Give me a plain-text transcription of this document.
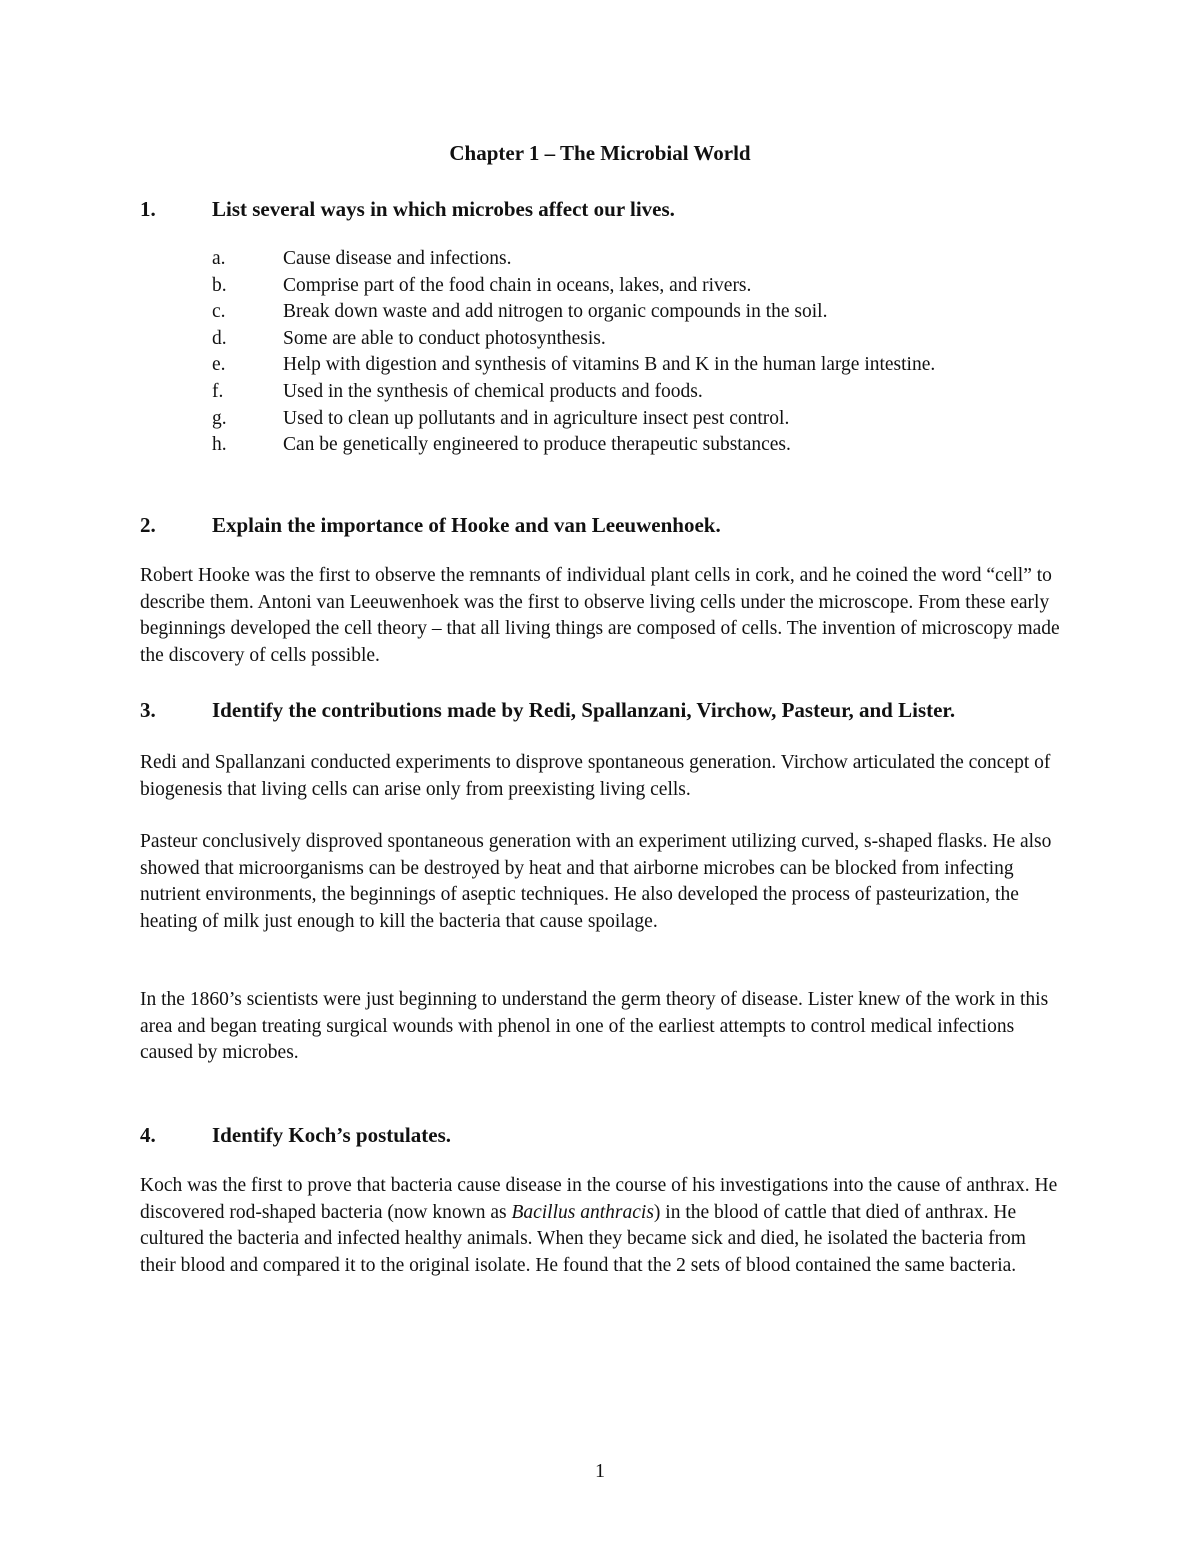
Chapter 1 – The Microbial World
1.	List several ways in which microbes affect our lives.
a.	Cause disease and infections.
b.	Comprise part of the food chain in oceans, lakes, and rivers.
c.	Break down waste and add nitrogen to organic compounds in the soil.
d.	Some are able to conduct photosynthesis.
e.	Help with digestion and synthesis of vitamins B and K in the human large intestine.
f.	Used in the synthesis of chemical products and foods.
g.	Used to clean up pollutants and in agriculture insect pest control.
h.	Can be genetically engineered to produce therapeutic substances.
2.	Explain the importance of Hooke and van Leeuwenhoek.

Robert Hooke was the first to observe the remnants of individual plant cells in cork, and he coined the word “cell” to describe them. Antoni van Leeuwenhoek was the first to observe living cells under the microscope. From these early beginnings developed the cell theory – that all living things are composed of cells. The invention of microscopy made the discovery of cells possible.

3.	Identify the contributions made by Redi, Spallanzani, Virchow, Pasteur, and Lister.

Redi and Spallanzani conducted experiments to disprove spontaneous generation. Virchow articulated the concept of biogenesis that living cells can arise only from preexisting living cells.

Pasteur conclusively disproved spontaneous generation with an experiment utilizing curved, s-shaped flasks. He also showed that microorganisms can be destroyed by heat and that airborne microbes can be blocked from infecting nutrient environments, the beginnings of aseptic techniques. He also developed the process of pasteurization, the heating of milk just enough to kill the bacteria that cause spoilage.

In the 1860’s scientists were just beginning to understand the germ theory of disease. Lister knew of the work in this area and began treating surgical wounds with phenol in one of the earliest attempts to control medical infections caused by microbes.

4.	Identify Koch’s postulates.

Koch was the first to prove that bacteria cause disease in the course of his investigations into the cause of anthrax. He discovered rod-shaped bacteria (now known as Bacillus anthracis) in the blood of cattle that died of anthrax. He cultured the bacteria and infected healthy animals. When they became sick and died, he isolated the bacteria from their blood and compared it to the original isolate. He found that the 2 sets of blood contained the same bacteria.

1
